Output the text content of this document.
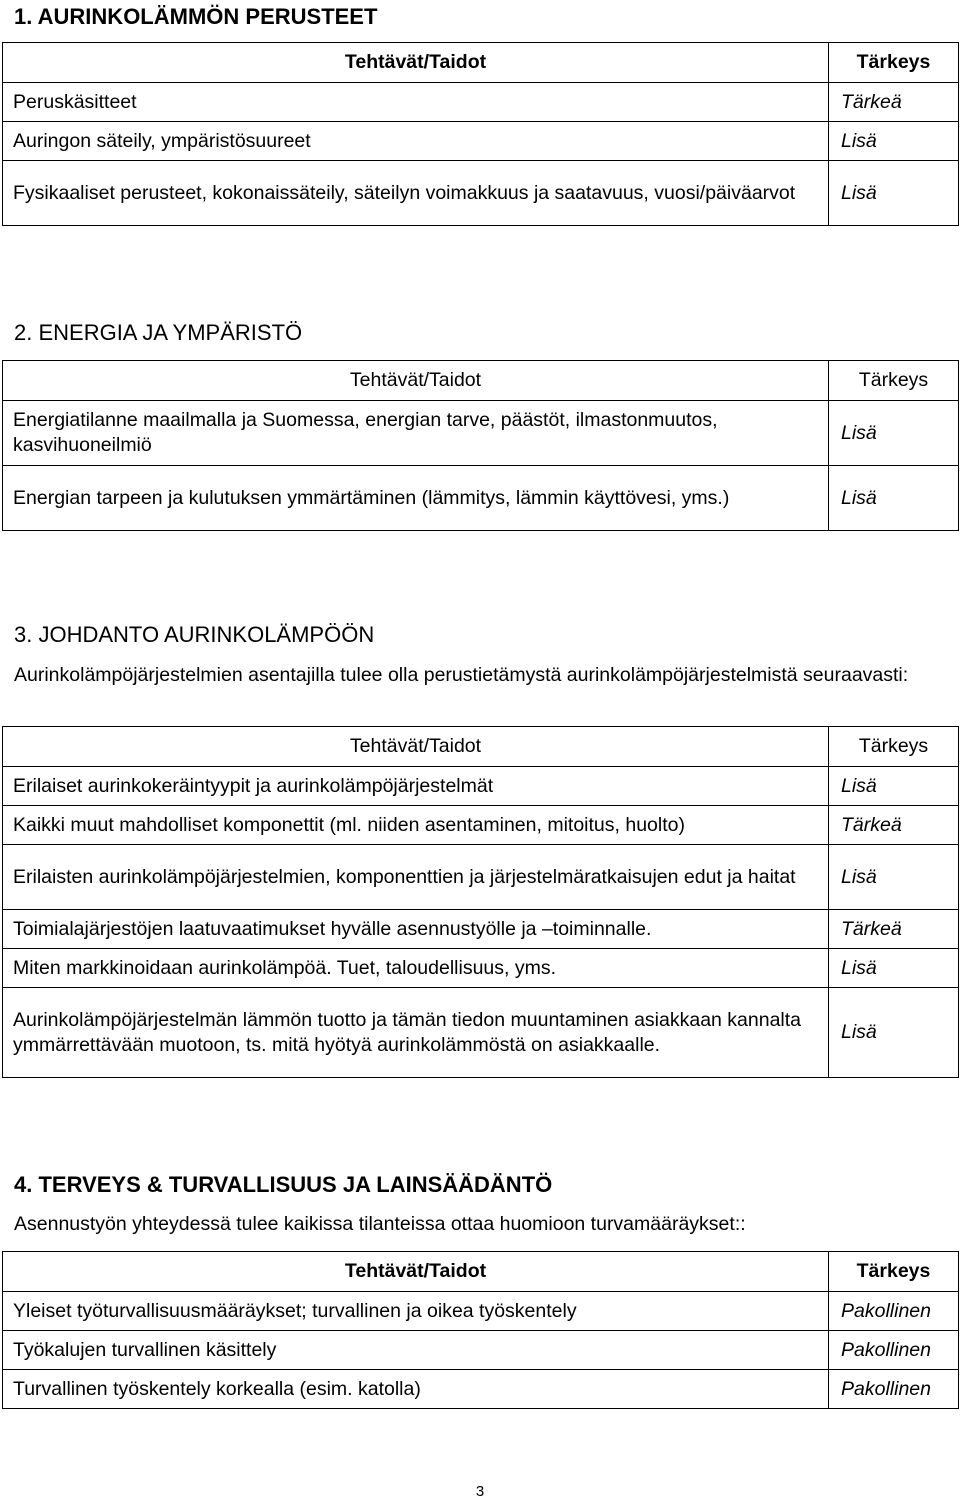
1. AURINKOLÄMMÖN PERUSTEET
Tehtävät/Taidot	Tärkeys
Peruskäsitteet	Tärkeä
Auringon säteily, ympäristösuureet	Lisä
Fysikaaliset perusteet, kokonaissäteily, säteilyn voimakkuus ja saatavuus, vuosi/päiväarvot	Lisä
2. ENERGIA JA YMPÄRISTÖ
Tehtävät/Taidot	Tärkeys
Energiatilanne maailmalla ja Suomessa, energian tarve, päästöt, ilmastonmuutos, kasvihuoneilmiö	Lisä
Energian tarpeen ja kulutuksen ymmärtäminen (lämmitys, lämmin käyttövesi, yms.)	Lisä
3. JOHDANTO AURINKOLÄMPÖÖN

Aurinkolämpöjärjestelmien asentajilla tulee olla perustietämystä aurinkolämpöjärjestelmistä seuraavasti:

Tehtävät/Taidot	Tärkeys
Erilaiset aurinkokeräintyypit ja aurinkolämpöjärjestelmät	Lisä
Kaikki muut mahdolliset komponettit (ml. niiden asentaminen, mitoitus, huolto)	Tärkeä
Erilaisten aurinkolämpöjärjestelmien, komponenttien ja järjestelmäratkaisujen edut ja haitat	Lisä
Toimialajärjestöjen laatuvaatimukset hyvälle asennustyölle ja –toiminnalle.	Tärkeä
Miten markkinoidaan aurinkolämpöä. Tuet, taloudellisuus, yms.	Lisä
Aurinkolämpöjärjestelmän lämmön tuotto ja tämän tiedon muuntaminen asiakkaan kannalta ymmärrettävään muotoon, ts. mitä hyötyä aurinkolämmöstä on asiakkaalle.	Lisä
4. TERVEYS & TURVALLISUUS JA LAINSÄÄDÄNTÖ

Asennustyön yhteydessä tulee kaikissa tilanteissa ottaa huomioon turvamääräykset::

Tehtävät/Taidot	Tärkeys
Yleiset työturvallisuusmääräykset; turvallinen ja oikea työskentely	Pakollinen
Työkalujen turvallinen käsittely	Pakollinen
Turvallinen työskentely korkealla (esim. katolla)	Pakollinen
3
